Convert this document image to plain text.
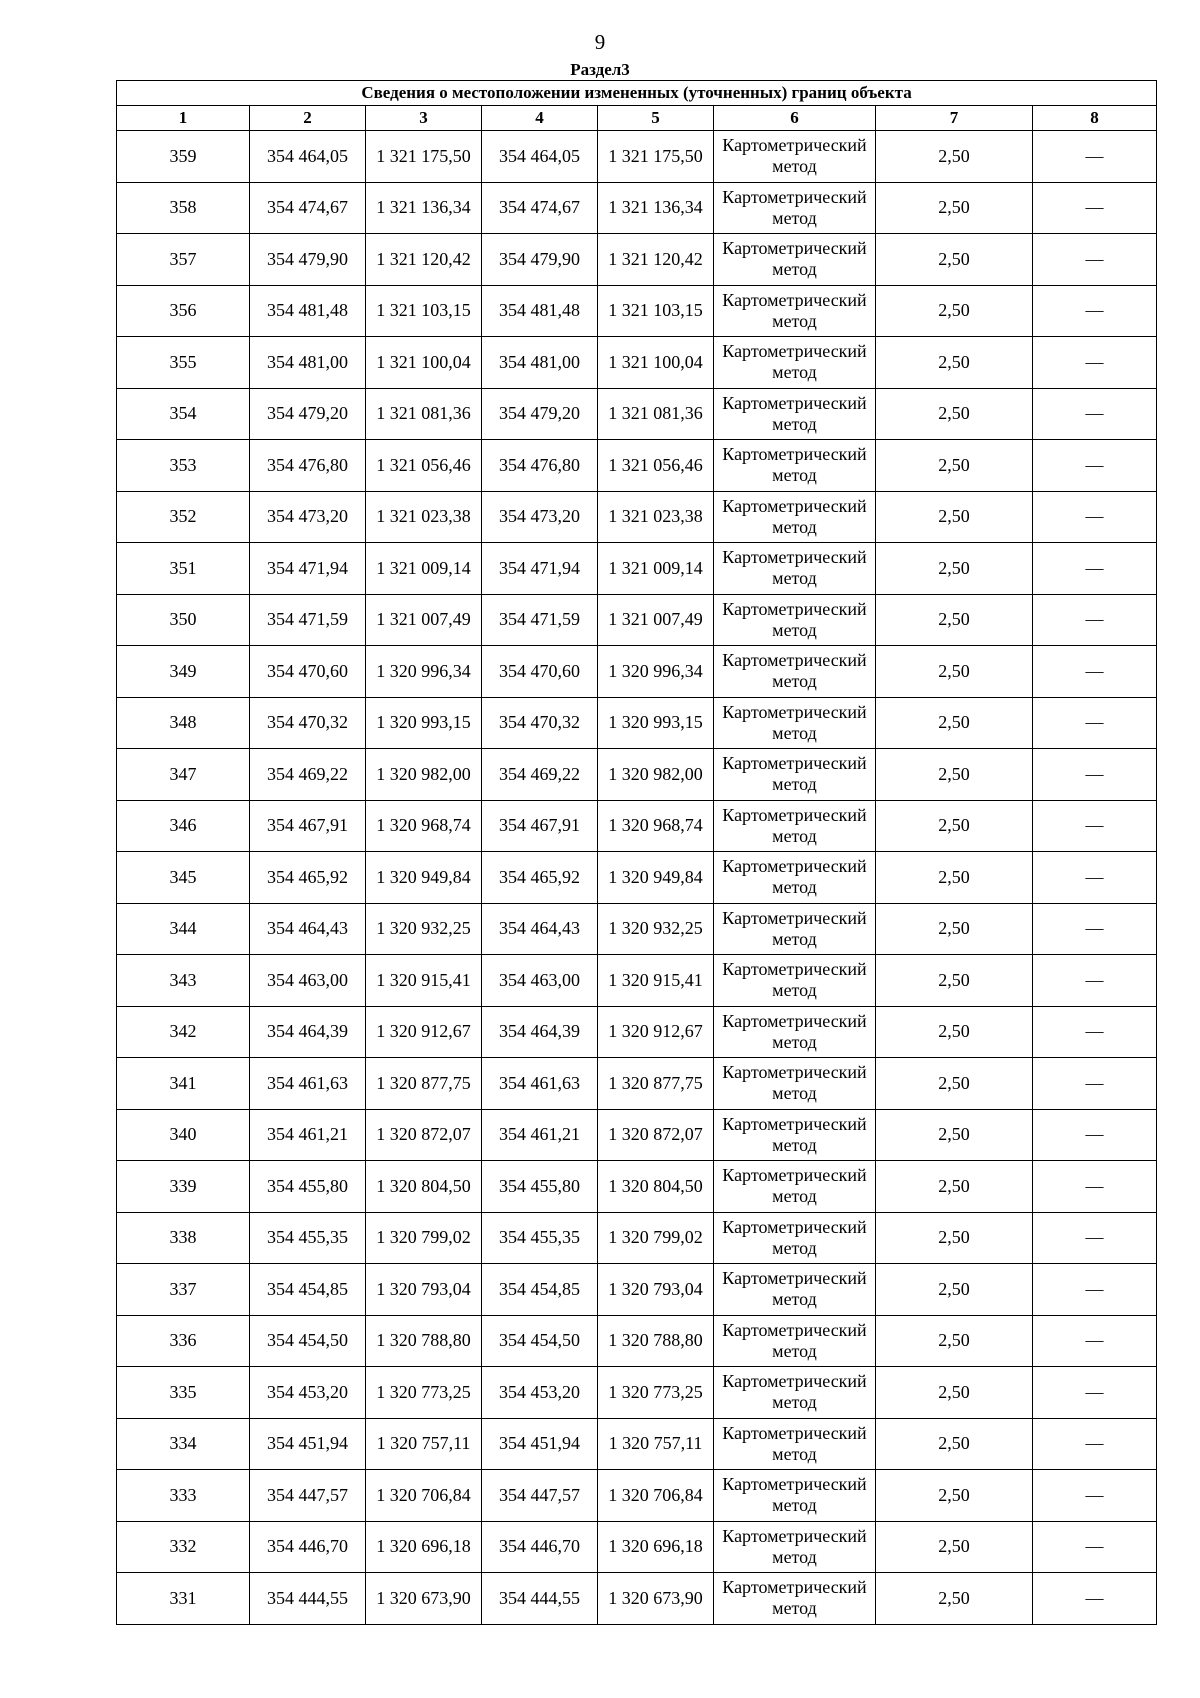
9
Раздел3
Сведения о местоположении измененных (уточненных) границ объекта							
1	2	3	4	5	6	7	8
359	354 464,05	1 321 175,50	354 464,05	1 321 175,50	Картометрический метод	2,50	—
358	354 474,67	1 321 136,34	354 474,67	1 321 136,34	Картометрический метод	2,50	—
357	354 479,90	1 321 120,42	354 479,90	1 321 120,42	Картометрический метод	2,50	—
356	354 481,48	1 321 103,15	354 481,48	1 321 103,15	Картометрический метод	2,50	—
355	354 481,00	1 321 100,04	354 481,00	1 321 100,04	Картометрический метод	2,50	—
354	354 479,20	1 321 081,36	354 479,20	1 321 081,36	Картометрический метод	2,50	—
353	354 476,80	1 321 056,46	354 476,80	1 321 056,46	Картометрический метод	2,50	—
352	354 473,20	1 321 023,38	354 473,20	1 321 023,38	Картометрический метод	2,50	—
351	354 471,94	1 321 009,14	354 471,94	1 321 009,14	Картометрический метод	2,50	—
350	354 471,59	1 321 007,49	354 471,59	1 321 007,49	Картометрический метод	2,50	—
349	354 470,60	1 320 996,34	354 470,60	1 320 996,34	Картометрический метод	2,50	—
348	354 470,32	1 320 993,15	354 470,32	1 320 993,15	Картометрический метод	2,50	—
347	354 469,22	1 320 982,00	354 469,22	1 320 982,00	Картометрический метод	2,50	—
346	354 467,91	1 320 968,74	354 467,91	1 320 968,74	Картометрический метод	2,50	—
345	354 465,92	1 320 949,84	354 465,92	1 320 949,84	Картометрический метод	2,50	—
344	354 464,43	1 320 932,25	354 464,43	1 320 932,25	Картометрический метод	2,50	—
343	354 463,00	1 320 915,41	354 463,00	1 320 915,41	Картометрический метод	2,50	—
342	354 464,39	1 320 912,67	354 464,39	1 320 912,67	Картометрический метод	2,50	—
341	354 461,63	1 320 877,75	354 461,63	1 320 877,75	Картометрический метод	2,50	—
340	354 461,21	1 320 872,07	354 461,21	1 320 872,07	Картометрический метод	2,50	—
339	354 455,80	1 320 804,50	354 455,80	1 320 804,50	Картометрический метод	2,50	—
338	354 455,35	1 320 799,02	354 455,35	1 320 799,02	Картометрический метод	2,50	—
337	354 454,85	1 320 793,04	354 454,85	1 320 793,04	Картометрический метод	2,50	—
336	354 454,50	1 320 788,80	354 454,50	1 320 788,80	Картометрический метод	2,50	—
335	354 453,20	1 320 773,25	354 453,20	1 320 773,25	Картометрический метод	2,50	—
334	354 451,94	1 320 757,11	354 451,94	1 320 757,11	Картометрический метод	2,50	—
333	354 447,57	1 320 706,84	354 447,57	1 320 706,84	Картометрический метод	2,50	—
332	354 446,70	1 320 696,18	354 446,70	1 320 696,18	Картометрический метод	2,50	—
331	354 444,55	1 320 673,90	354 444,55	1 320 673,90	Картометрический метод	2,50	—
